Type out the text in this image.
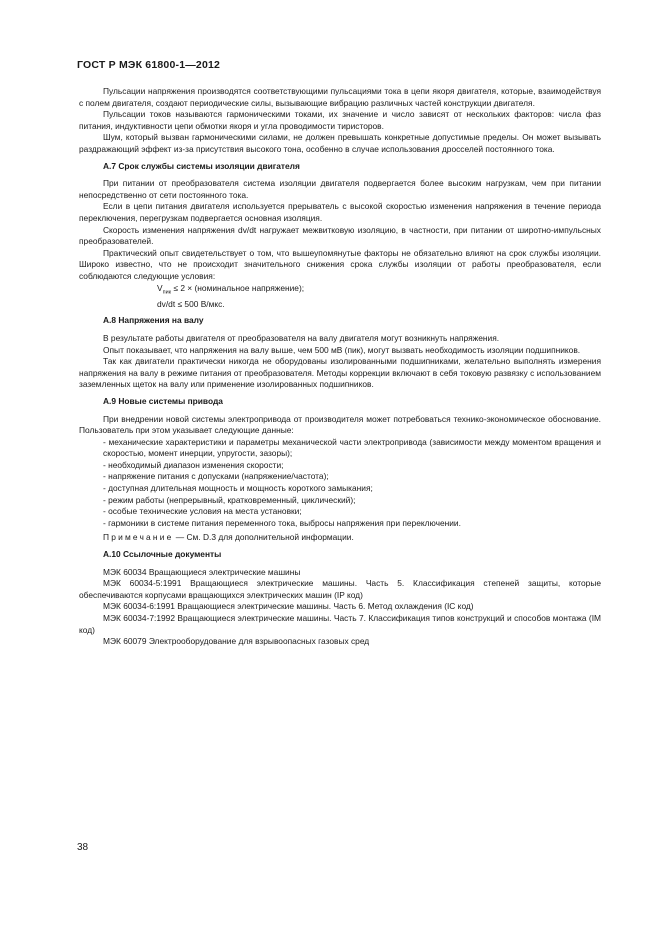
ГОСТ Р МЭК 61800-1—2012

Пульсации напряжения производятся соответствующими пульсациями тока в цепи якоря двигателя, которые, взаимодействуя с полем двигателя, создают периодические силы, вызывающие вибрацию различных частей конструкции двигателя.

Пульсации токов называются гармоническими токами, их значение и число зависят от нескольких факторов: числа фаз питания, индуктивности цепи обмотки якоря и угла проводимости тиристоров.

Шум, который вызван гармоническими силами, не должен превышать конкретные допустимые пределы. Он может вызывать раздражающий эффект из-за присутствия высокого тона, особенно в случае использования дросселей постоянного тока.

А.7 Срок службы системы изоляции двигателя

При питании от преобразователя система изоляции двигателя подвергается более высоким нагрузкам, чем при питании непосредственно от сети постоянного тока.

Если в цепи питания двигателя используется прерыватель с высокой скоростью изменения напряжения в течение периода переключения, перегрузкам подвергается основная изоляция.

Скорость изменения напряжения dv/dt нагружает межвитковую изоляцию, в частности, при питании от широтно-импульсных преобразователей.

Практический опыт свидетельствует о том, что вышеупомянутые факторы не обязательно влияют на срок службы изоляции. Широко известно, что не происходит значительного снижения срока службы изоляции от работы преобразователя, если соблюдаются следующие условия:

$V_{пик} \le 2$ × (номинальное напряжение);
dv/dt ≤ 500 В/мкс.
А.8 Напряжения на валу

В результате работы двигателя от преобразователя на валу двигателя могут возникнуть напряжения.

Опыт показывает, что напряжения на валу выше, чем 500 мВ (пик), могут вызвать необходимость изоляции подшипников.

Так как двигатели практически никогда не оборудованы изолированными подшипниками, желательно выполнять измерения напряжения на валу в режиме питания от преобразователя. Методы коррекции включают в себя токовую развязку с использованием заземленных щеток на валу или применение изолированных подшипников.

А.9 Новые системы привода

При внедрении новой системы электропривода от производителя может потребоваться технико-экономическое обоснование. Пользователь при этом указывает следующие данные:

- механические характеристики и параметры механической части электропривода (зависимости между моментом вращения и скоростью, момент инерции, упругости, зазоры);

- необходимый диапазон изменения скорости;

- напряжение питания с допусками (напряжение/частота);

- доступная длительная мощность и мощность короткого замыкания;

- режим работы (непрерывный, кратковременный, циклический);

- особые технические условия на места установки;

- гармоники в системе питания переменного тока, выбросы напряжения при переключении.

Примечание — См. D.3 для дополнительной информации.
А.10 Ссылочные документы

МЭК 60034 Вращающиеся электрические машины

МЭК 60034-5:1991 Вращающиеся электрические машины. Часть 5. Классификация степеней защиты, которые обеспечиваются корпусами вращающихся электрических машин (IP код)

МЭК 60034-6:1991 Вращающиеся электрические машины. Часть 6. Метод охлаждения (IC код)

МЭК 60034-7:1992 Вращающиеся электрические машины. Часть 7. Классификация типов конструкций и способов монтажа (IM код)

МЭК 60079 Электрооборудование для взрывоопасных газовых сред

38
